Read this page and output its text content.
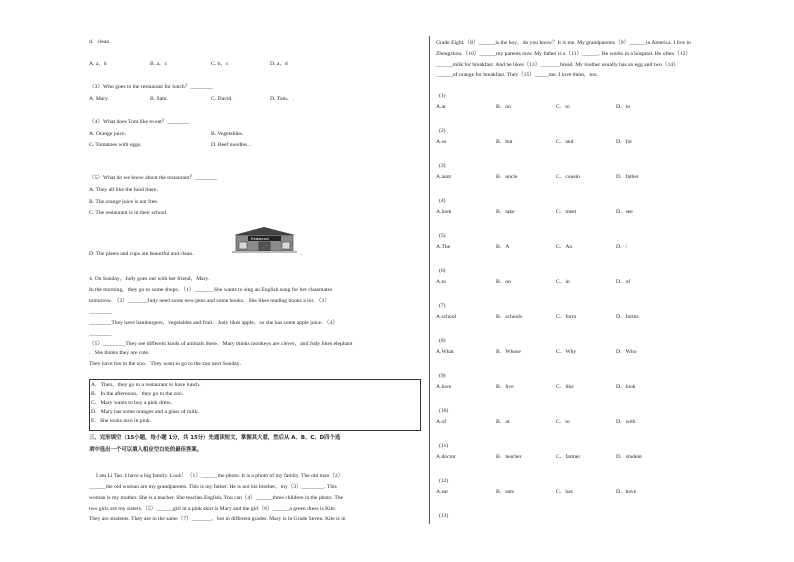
d．clean
A. a，b	B. a，c	C. b，c	D. a，d
（3）Who goes to the restaurant for lunch？________
A. Mary.	B. Sam.	C. David.	D. Tom．.
（4）What does Tom like to eat？________
A. Orange juice．	B. Vegetables．
C. Tomatoes with eggs．	D. Beef noodles．．
（5）What do we know about the restaurant？________
A. They all like the food there．
B. The orange juice is not free．
C. The restaurant is in their school．
D. The plates and cups are beautiful and clean．
Restaurant
．
4. On Sunday，Judy goes out with her friend，Mary．
In the morning，they go to some shops．（1）_______She wants to sing an English song for her classmates
tomorrow．（2）_______Judy need some new pens and some books．She likes reading books a lot．（3）
________
________They have hamburgers，vegetables and fruit．Judy likes apple，so she has some apple juice．（4）
________
（5）________They see different kinds of animals there．Mary thinks monkeys are clever，and Judy likes elephant
．She thinks they are cute．
They have fun in the zoo．They want to go to the zoo next Sunday．
A．Then，they go to a restaurant to have lunch．
B．In the afternoon，they go to the zoo．
C．Mary wants to buy a pink dress．
D．Mary has some oranges and a glass of milk．
E．She looks nice in pink．
三、完形填空（15小题，每小题 1分，共 15分）先通读短文，掌握其大意，然后从 A、B、C、D四个选
项中选出一个可以填入相应空白处的最佳答案。
I am Li Tao. I have a big family. Look！（1）______the photo. It is a photo of my family. The old man（2）
______the old woman are my grandparents. This is my father. He is not his brother，my（3）________. This
woman is my mother. She is a teacher. She teaches English. You can（4）______three children in the photo. The
two girls are my sisters.（5）______girl in a pink skirt is Mary and the girl（6）______a green dress is Kite.
They are students. They are in the same（7）_______，but in different grades. Mary is in Grade Seven. Kite is in
Grade Eight.（8）______is the boy，do you know？It is me. My grandparents（9）______in America. I live in
Zhengzhou.（10）______my parents now. My father is a（11）______. He works in a hospital. He often（12）
______milk for breakfast. And he likes（13）_______bread. My mother usually has an egg and two（14）
______of orange for breakfast. They（15）_____me. I love them，too.
(1)
A.at	B．on	C．to	D．in
(2)
A.so	B．but	C．and	D．for
(3)
A.aunt	B．uncle	C．cousin	D．father
(4)
A.look	B．take	C．meet	D．see
(5)
A.The	B．A	C．An	D．/
(6)
A.to	B．on	C．in	D．of
(7)
A.school	B．schools	C．form	D．forms
(8)
A.What	B．Whose	C．Why	D．Who
(9)
A.love	B．live	C．like	D．look
(10)
A.of	B．at	C．to	D．with
(11)
A.doctor	B．teacher	C．farmer	D．student
(12)
A.eat	B．eats	C．has	D．have
(13)
